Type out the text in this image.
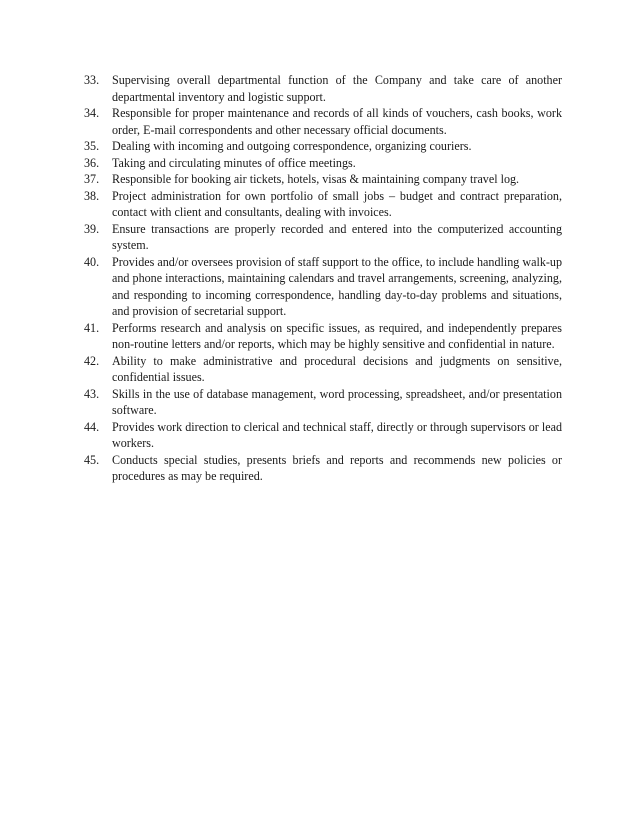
33.	Supervising overall departmental function of the Company and take care of another departmental inventory and logistic support.
34.	Responsible for proper maintenance and records of all kinds of vouchers, cash books, work order, E-mail correspondents and other necessary official documents.
35.	Dealing with incoming and outgoing correspondence, organizing couriers.
36.	Taking and circulating minutes of office meetings.
37.	Responsible for booking air tickets, hotels, visas & maintaining company travel log.
38.	Project administration for own portfolio of small jobs – budget and contract preparation, contact with client and consultants, dealing with invoices.
39.	Ensure transactions are properly recorded and entered into the computerized accounting system.
40.	Provides and/or oversees provision of staff support to the office, to include handling walk-up and phone interactions, maintaining calendars and travel arrangements, screening, analyzing, and responding to incoming correspondence, handling day-to-day problems and situations, and provision of secretarial support.
41.	Performs research and analysis on specific issues, as required, and independently prepares non-routine letters and/or reports, which may be highly sensitive and confidential in nature.
42.	Ability to make administrative and procedural decisions and judgments on sensitive, confidential issues.
43.	Skills in the use of database management, word processing, spreadsheet, and/or presentation software.
44.	Provides work direction to clerical and technical staff, directly or through supervisors or lead workers.
45.	Conducts special studies, presents briefs and reports and recommends new policies or procedures as may be required.
